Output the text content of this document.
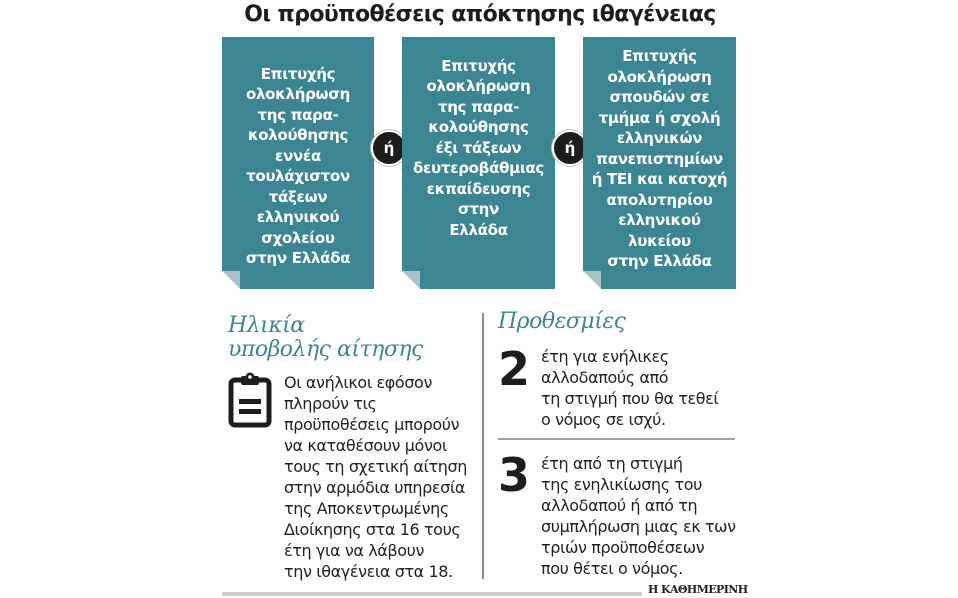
Οι προϋποθέσεις απόκτησης ιθαγένειας
Επιτυχής
ολοκλήρωση
της παρα-
κολούθησης
εννέα
τουλάχιστον
τάξεων
ελληνικού
σχολείου
στην Ελλάδα
ή
Επιτυχής
ολοκλήρωση
της παρα-
κολούθησης
έξι τάξεων
δευτεροβάθμιας
εκπαίδευσης
στην
Ελλάδα
ή
Επιτυχής
ολοκλήρωση
σπουδών σε
τμήμα ή σχολή
ελληνικών
πανεπιστημίων
ή ΤΕΙ και κατοχή
απολυτηρίου
ελληνικού
λυκείου
στην Ελλάδα
Ηλικία
υποβολής αίτησης
Οι ανήλικοι εφόσον
πληρούν τις
προϋποθέσεις μπορούν
να καταθέσουν μόνοι
τους τη σχετική αίτηση
στην αρμόδια υπηρεσία
της Αποκεντρωμένης
Διοίκησης στα 16 τους
έτη για να λάβουν
την ιθαγένεια στα 18.
Προθεσμίες
2 έτη για ενήλικες
αλλοδαπούς από
τη στιγμή που θα τεθεί
ο νόμος σε ισχύ.
3 έτη από τη στιγμή
της ενηλικίωσης του
αλλοδαπού ή από τη
συμπλήρωση μιας εκ των
τριών προϋποθέσεων
που θέτει ο νόμος.
Η ΚΑΘΗΜΕΡΙΝΗ
